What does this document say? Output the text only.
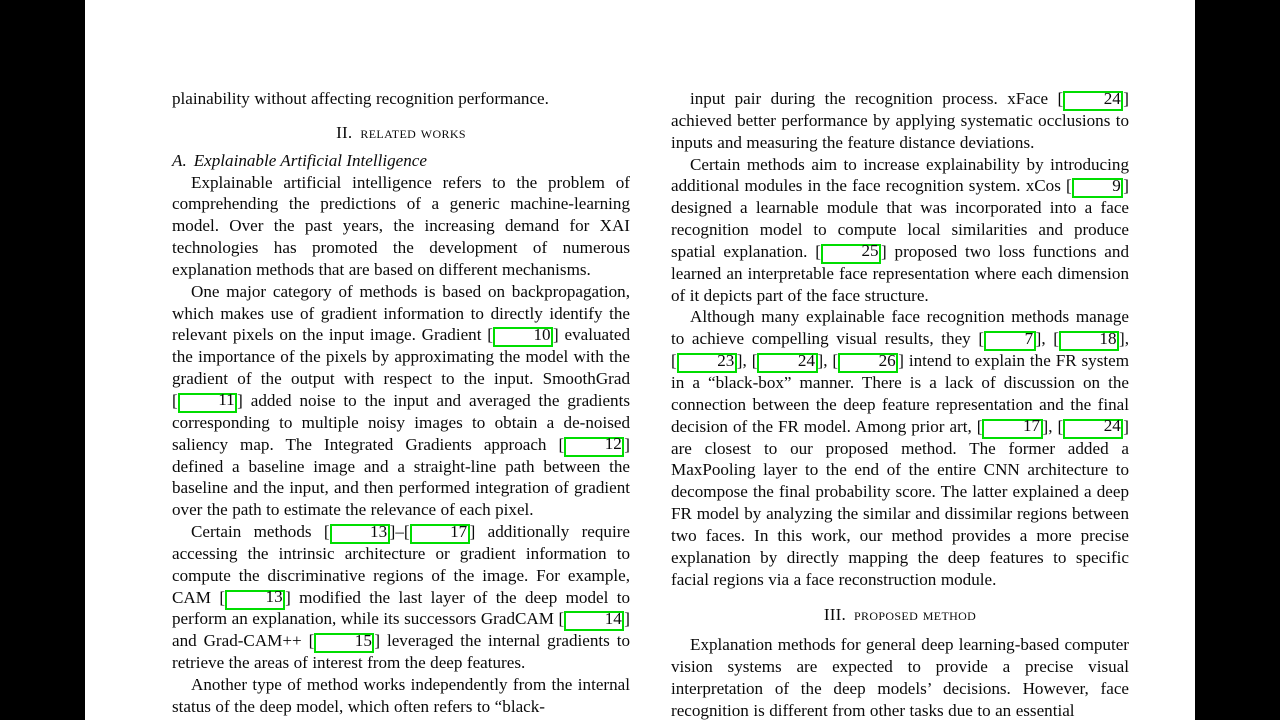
plainability without affecting recognition performance.

II. related works
A. Explainable Artificial Intelligence

Explainable artificial intelligence refers to the problem of comprehending the predictions of a generic machine-learning model. Over the past years, the increasing demand for XAI technologies has promoted the development of numerous explanation methods that are based on different mechanisms.

One major category of methods is based on backpropagation, which makes use of gradient information to directly identify the relevant pixels on the input image. Gradient [ 10 ] evaluated the importance of the pixels by approximating the model with the gradient of the output with respect to the input. SmoothGrad [ 11 ] added noise to the input and averaged the gradients corresponding to multiple noisy images to obtain a de-noised saliency map. The Integrated Gradients approach [ 12 ] defined a baseline image and a straight-line path between the baseline and the input, and then performed integration of gradient over the path to estimate the relevance of each pixel.

Certain methods [ 13 ]–[ 17 ] additionally require accessing the intrinsic architecture or gradient information to compute the discriminative regions of the image. For example, CAM [ 13 ] modified the last layer of the deep model to perform an explanation, while its successors GradCAM [ 14 ] and Grad-CAM++ [ 15 ] leveraged the internal gradients to retrieve the areas of interest from the deep features.

Another type of method works independently from the internal status of the deep model, which often refers to “black-

input pair during the recognition process. xFace [ 24 ] achieved better performance by applying systematic occlusions to inputs and measuring the feature distance deviations.

Certain methods aim to increase explainability by introducing additional modules in the face recognition system. xCos [ 9 ] designed a learnable module that was incorporated into a face recognition model to compute local similarities and produce spatial explanation. [ 25 ] proposed two loss functions and learned an interpretable face representation where each dimension of it depicts part of the face structure.

Although many explainable face recognition methods manage to achieve compelling visual results, they [ 7 ], [ 18 ], [ 23 ], [ 24 ], [ 26 ] intend to explain the FR system in a “black-box” manner. There is a lack of discussion on the connection between the deep feature representation and the final decision of the FR model. Among prior art, [ 17 ], [ 24 ] are closest to our proposed method. The former added a MaxPooling layer to the end of the entire CNN architecture to decompose the final probability score. The latter explained a deep FR model by analyzing the similar and dissimilar regions between two faces. In this work, our method provides a more precise explanation by directly mapping the deep features to specific facial regions via a face reconstruction module.

III. proposed method

Explanation methods for general deep learning-based computer vision systems are expected to provide a precise visual interpretation of the deep models’ decisions. However, face recognition is different from other tasks due to an essential
